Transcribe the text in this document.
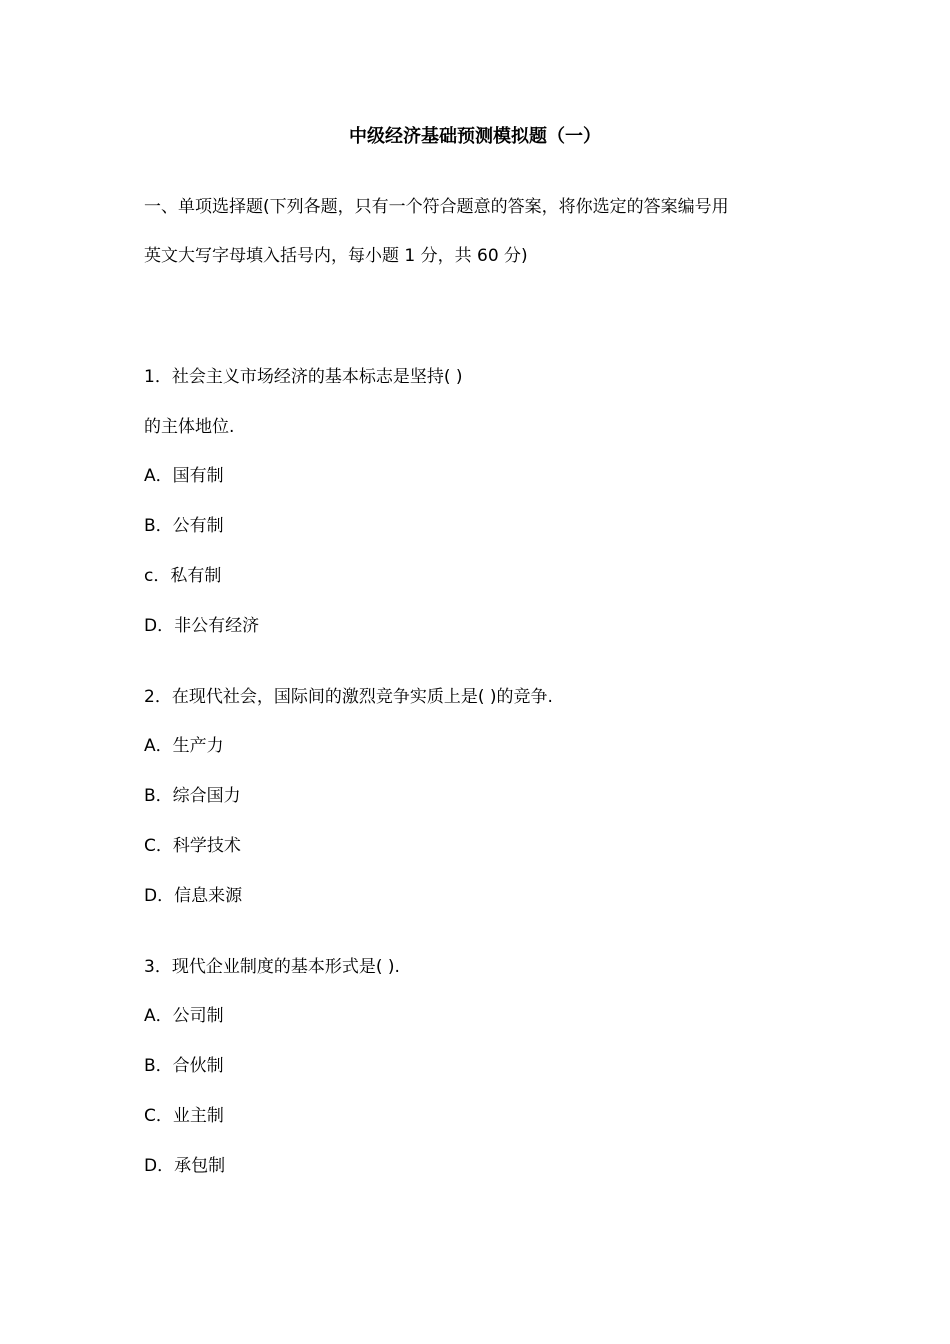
中级经济基础预测模拟题（一）
一、单项选择题(下列各题，只有一个符合题意的答案，将你选定的答案编号用
英文大写字母填入括号内，每小题 1 分，共 60 分)
1．社会主义市场经济的基本标志是坚持( )
的主体地位.
A．国有制
B．公有制
c．私有制
D．非公有经济
2．在现代社会，国际间的激烈竞争实质上是( )的竞争.
A．生产力
B．综合国力
C．科学技术
D．信息来源
3．现代企业制度的基本形式是( ).
A．公司制
B．合伙制
C．业主制
D．承包制
